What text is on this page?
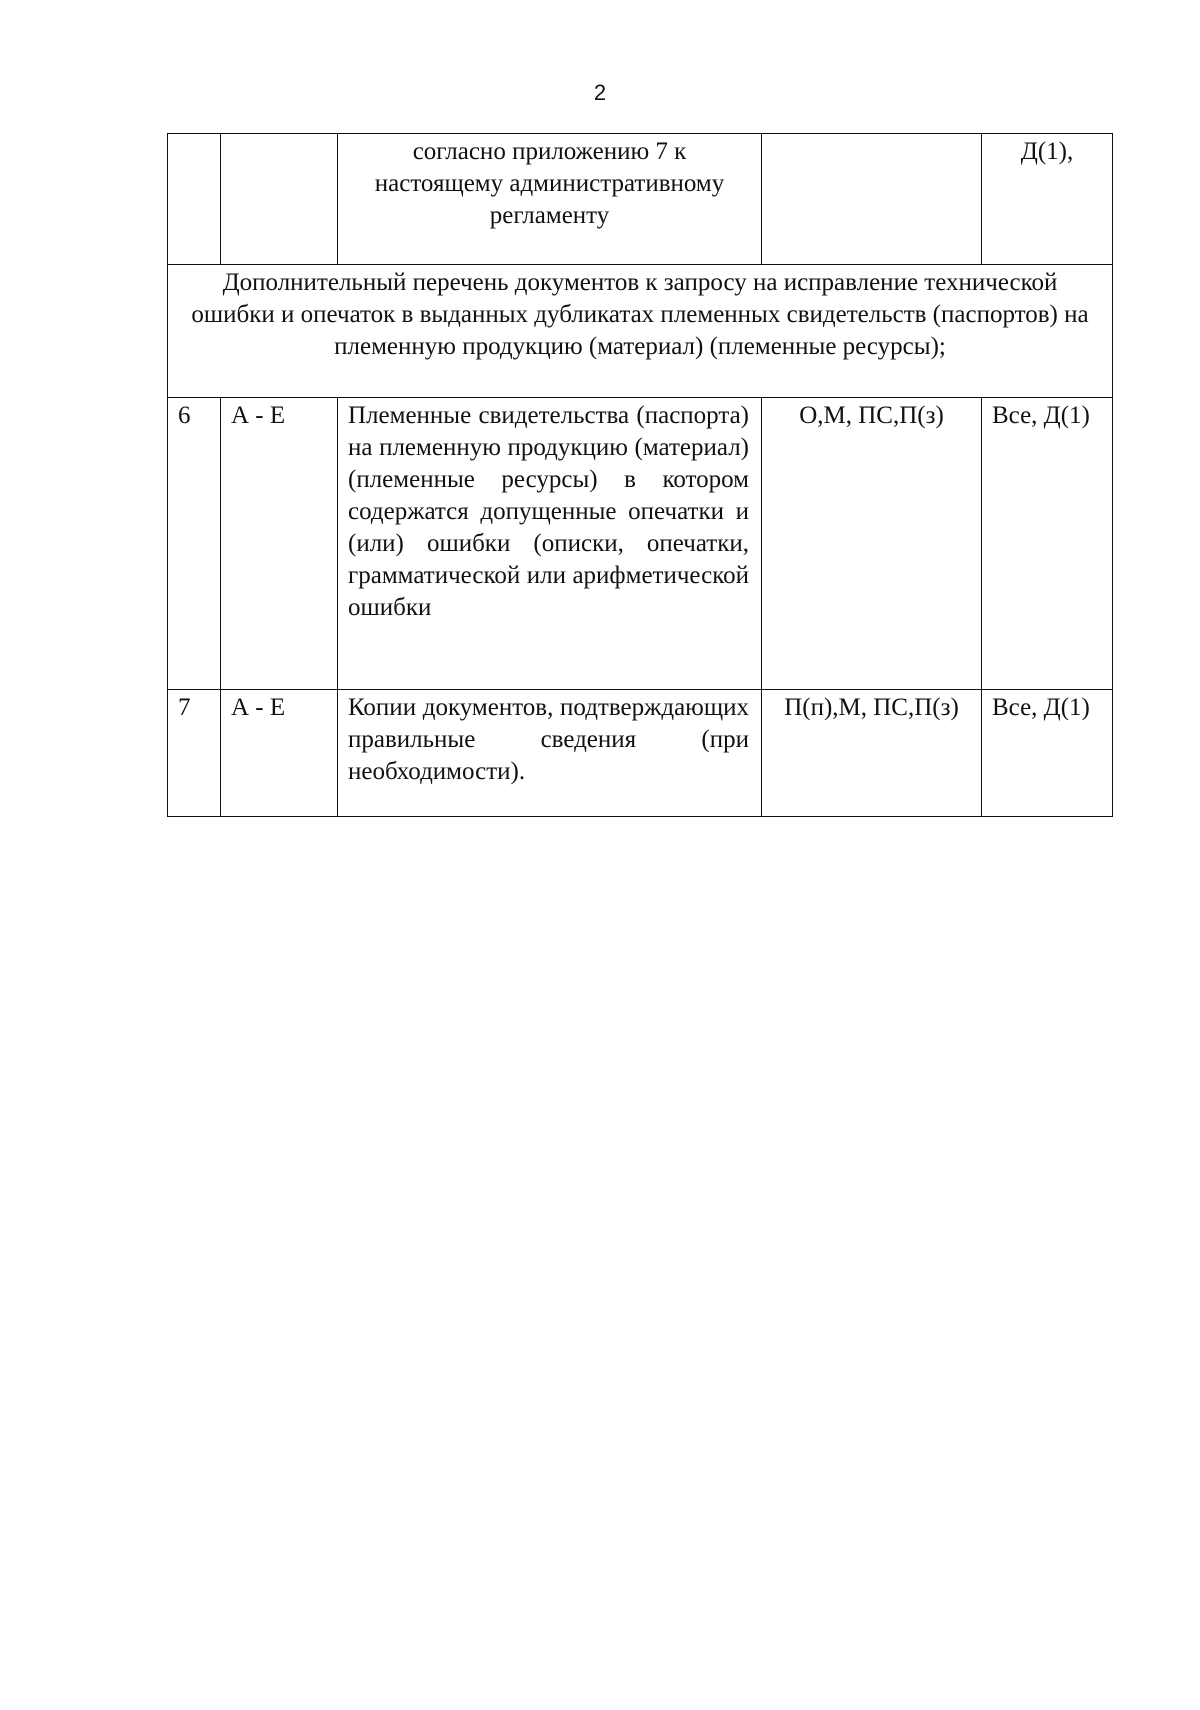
2
		согласно приложению 7 к настоящему административному регламенту		Д(1),
Дополнительный перечень документов к запросу на исправление технической ошибки и опечаток в выданных дубликатах племенных свидетельств (паспортов) на племенную продукцию (материал) (племенные ресурсы);				
6	А - Е	Племенные свидетельства (паспорта) на племенную продукцию (материал) (племенные ресурсы) в котором содержатся допущенные опечатки и (или) ошибки (описки, опечатки, грамматической или арифметической ошибки	О,М, ПС,П(з)	Все, Д(1)
7	А - Е	Копии документов, подтверждающих правильные сведения (при необходимости).	П(п),М, ПС,П(з)	Все, Д(1)
